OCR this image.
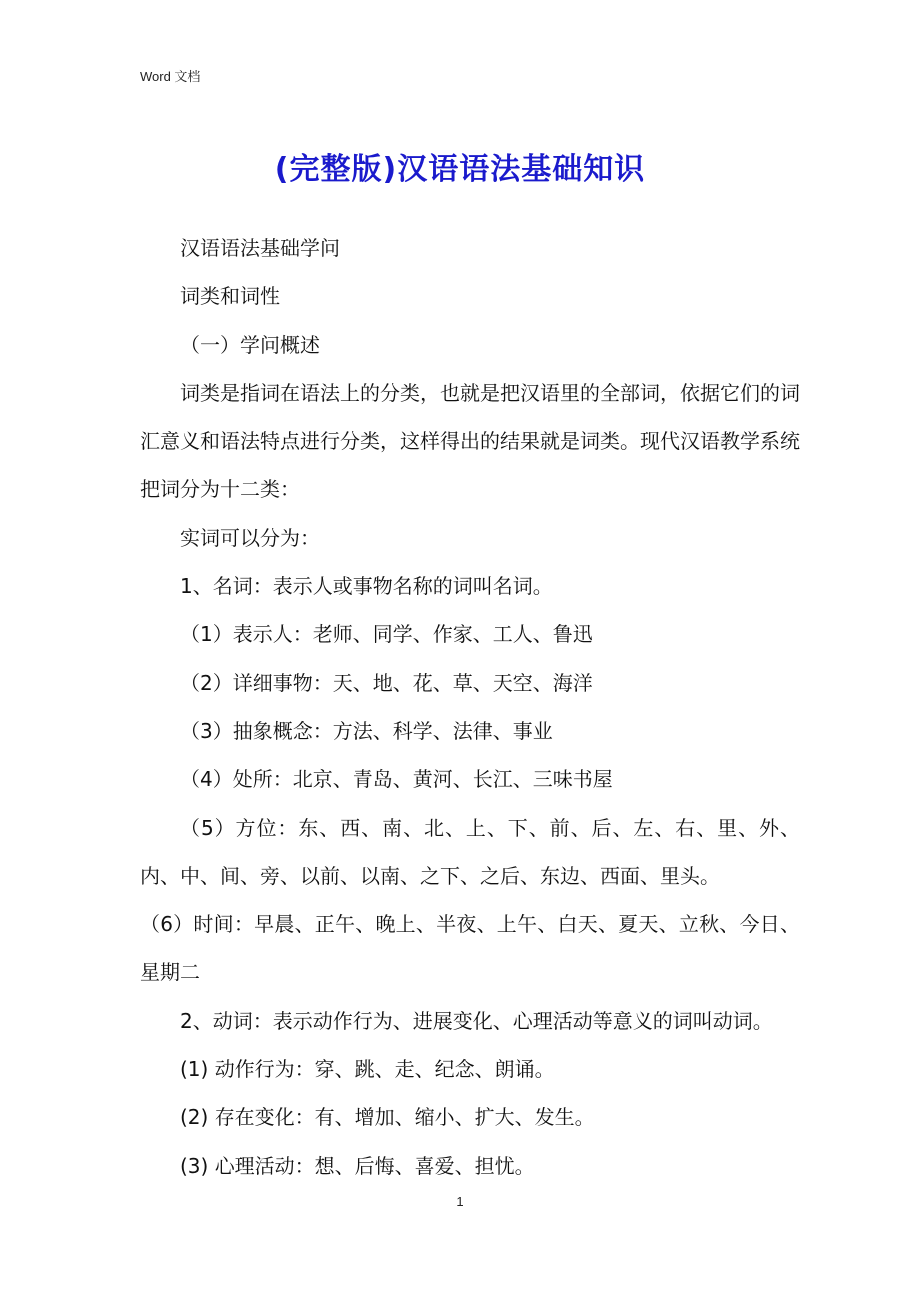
Word 文档
(完整版)汉语语法基础知识

汉语语法基础学问

词类和词性

（一）学问概述

词类是指词在语法上的分类，也就是把汉语里的全部词，依据它们的词汇意义和语法特点进行分类，这样得出的结果就是词类。现代汉语教学系统把词分为十二类：

实词可以分为：

1、名词：表示人或事物名称的词叫名词。

（1）表示人：老师、同学、作家、工人、鲁迅

（2）详细事物：天、地、花、草、天空、海洋

（3）抽象概念：方法、科学、法律、事业

（4）处所：北京、青岛、黄河、长江、三味书屋

（5）方位：东、西、南、北、上、下、前、后、左、右、里、外、内、中、间、旁、以前、以南、之下、之后、东边、西面、里头。

（6）时间：早晨、正午、晚上、半夜、上午、白天、夏天、立秋、今日、星期二

2、动词：表示动作行为、进展变化、心理活动等意义的词叫动词。

(1) 动作行为：穿、跳、走、纪念、朗诵。

(2) 存在变化：有、增加、缩小、扩大、发生。

(3) 心理活动：想、后悔、喜爱、担忧。

1
